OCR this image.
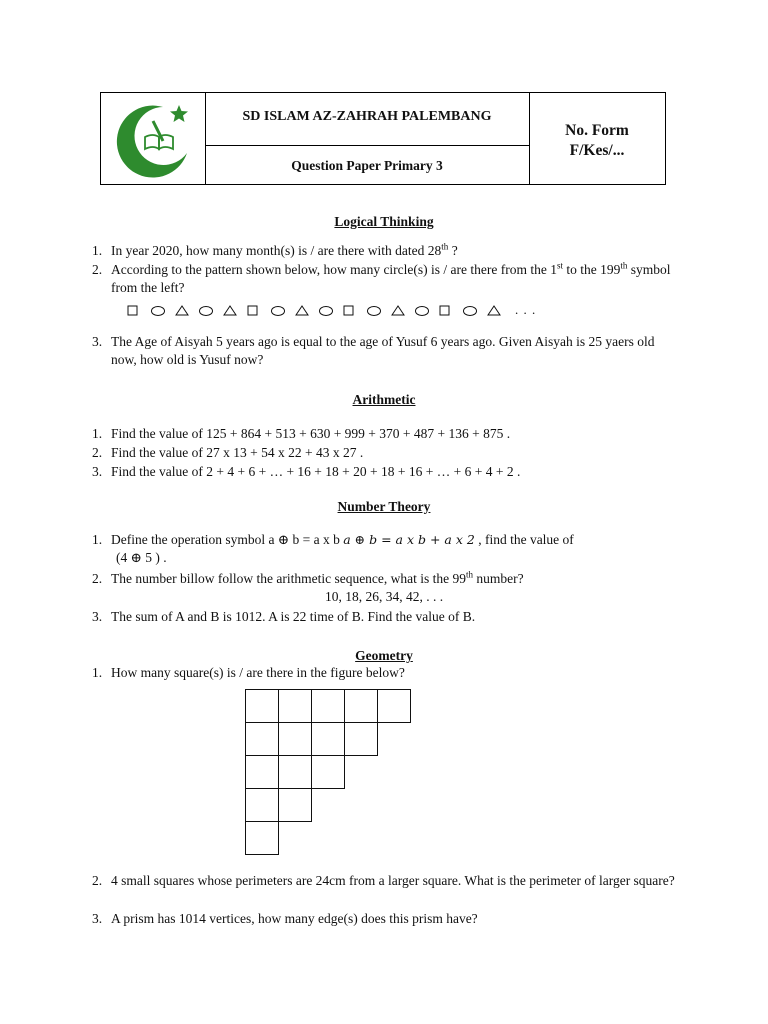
SD ISLAM AZ-ZAHRAH PALEMBANG
Question Paper Primary 3
No. Form
F/Kes/...
Logical Thinking
1. In year 2020, how many month(s) is / are there with dated 28th ?
2. According to the pattern shown below, how many circle(s) is / are there from the 1st to the 199th symbol from the left?
. . .
3. The Age of Aisyah 5 years ago is equal to the age of Yusuf 6 years ago. Given Aisyah is 25 yaers old now, how old is Yusuf now?
Arithmetic
1. Find the value of 125 + 864 + 513 + 630 + 999 + 370 + 487 + 136 + 875 .
2. Find the value of 27 x 13 + 54 x 22 + 43 x 27 .
3. Find the value of 2 + 4 + 6 + … + 16 + 18 + 20 + 18 + 16 + … + 6 + 4 + 2 .
Number Theory
1. Define the operation symbol a ⊕ b = a x b a ⊕ b = a x b + a x 2 , find the value of
(4 ⊕ 5 ) .
2. The number billow follow the arithmetic sequence, what is the 99th number?
10, 18, 26, 34, 42, . . .
3. The sum of A and B is 1012. A is 22 time of B. Find the value of B.
Geometry
1. How many square(s) is / are there in the figure below?
2. 4 small squares whose perimeters are 24cm from a larger square. What is the perimeter of larger square?
3. A prism has 1014 vertices, how many edge(s) does this prism have?
